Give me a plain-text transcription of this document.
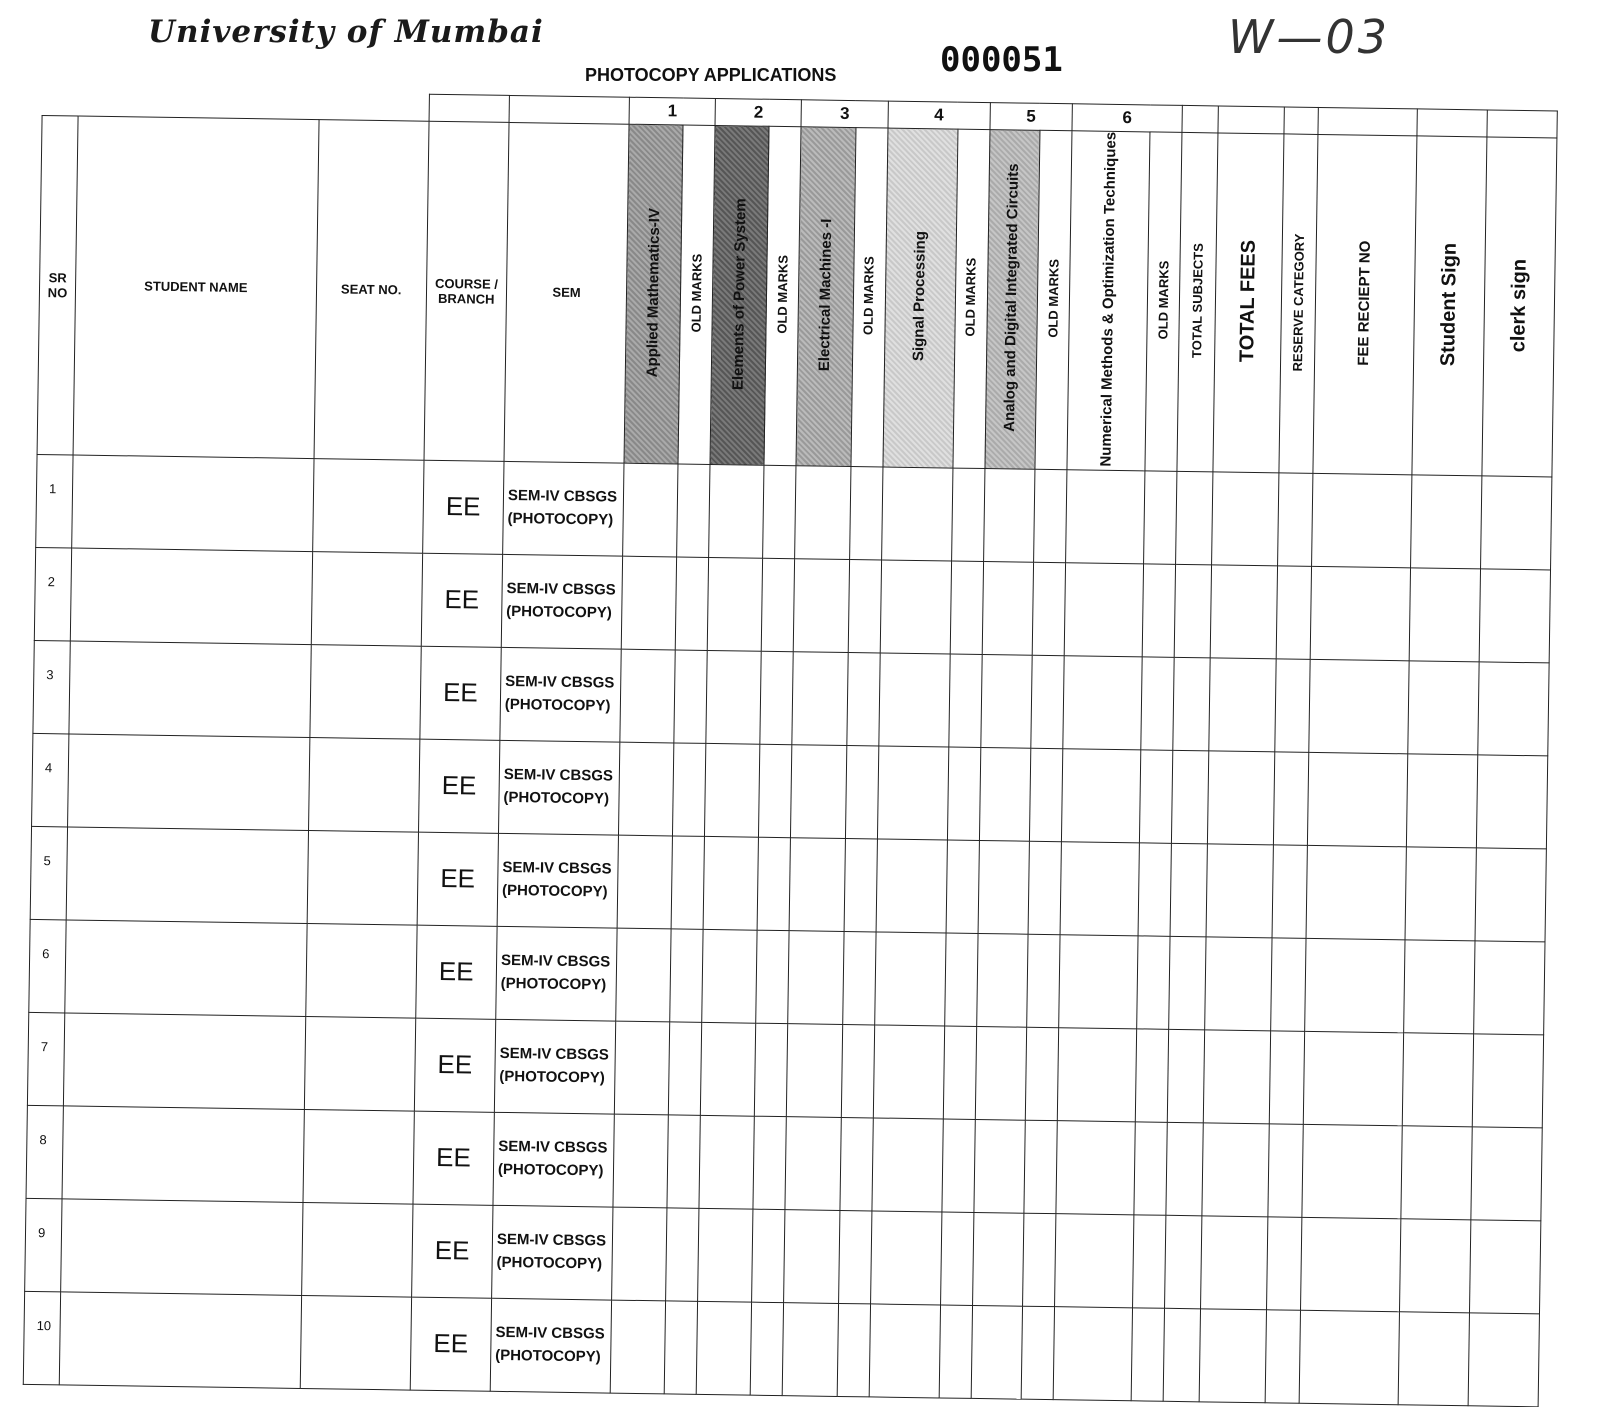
University of Mumbai
PHOTOCOPY APPLICATIONS	000051	W—03
					1		2		3		4		5		6							
SR NO	STUDENT NAME	SEAT NO.	COURSE / BRANCH	SEM	Applied Mathematics-IV	OLD MARKS	Elements of Power System	OLD MARKS	Electrical Machines -I	OLD MARKS	Signal Processing	OLD MARKS	Analog and Digital Integrated Circuits	OLD MARKS	Numerical Methods & Optimization Techniques	OLD MARKS	TOTAL SUBJECTS	TOTAL FEES	RESERVE CATEGORY	FEE RECIEPT NO	Student Sign	clerk sign
1			EE	SEM-IV CBSGS
(PHOTOCOPY)																		

2			EE	SEM-IV CBSGS
(PHOTOCOPY)																		

3			EE	SEM-IV CBSGS
(PHOTOCOPY)																		

4			EE	SEM-IV CBSGS
(PHOTOCOPY)																		

5			EE	SEM-IV CBSGS
(PHOTOCOPY)																		

6			EE	SEM-IV CBSGS
(PHOTOCOPY)																		

7			EE	SEM-IV CBSGS
(PHOTOCOPY)																		

8			EE	SEM-IV CBSGS
(PHOTOCOPY)																		

9			EE	SEM-IV CBSGS
(PHOTOCOPY)																		

10			EE	SEM-IV CBSGS
(PHOTOCOPY)																		
